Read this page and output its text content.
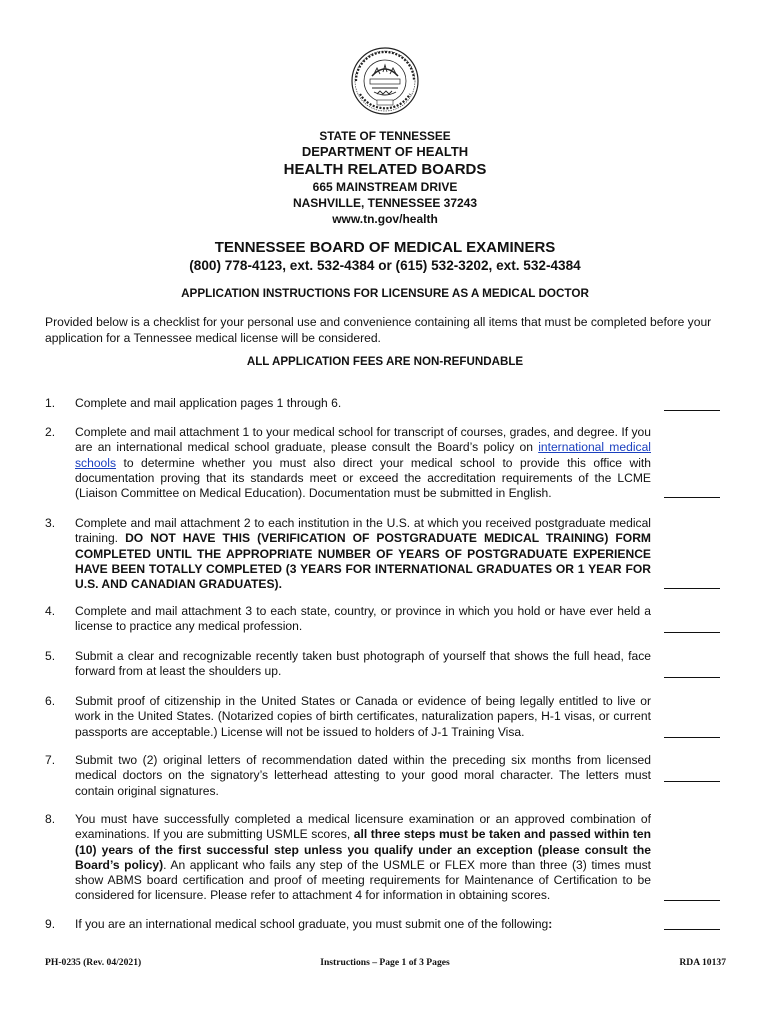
STATE OF TENNESSEE
DEPARTMENT OF HEALTH
HEALTH RELATED BOARDS
665 MAINSTREAM DRIVE
NASHVILLE, TENNESSEE 37243
www.tn.gov/health
TENNESSEE BOARD OF MEDICAL EXAMINERS
(800) 778-4123, ext. 532-4384 or (615) 532-3202, ext. 532-4384
APPLICATION INSTRUCTIONS FOR LICENSURE AS A MEDICAL DOCTOR
Provided below is a checklist for your personal use and convenience containing all items that must be completed before your application for a Tennessee medical license will be considered.
ALL APPLICATION FEES ARE NON-REFUNDABLE
1. Complete and mail application pages 1 through 6.
2. Complete and mail attachment 1 to your medical school for transcript of courses, grades, and degree. If you are an international medical school graduate, please consult the Board’s policy on international medical schools to determine whether you must also direct your medical school to provide this office with documentation proving that its standards meet or exceed the accreditation requirements of the LCME (Liaison Committee on Medical Education). Documentation must be submitted in English.
3. Complete and mail attachment 2 to each institution in the U.S. at which you received postgraduate medical training. DO NOT HAVE THIS (VERIFICATION OF POSTGRADUATE MEDICAL TRAINING) FORM COMPLETED UNTIL THE APPROPRIATE NUMBER OF YEARS OF POSTGRADUATE EXPERIENCE HAVE BEEN TOTALLY COMPLETED (3 YEARS FOR INTERNATIONAL GRADUATES OR 1 YEAR FOR U.S. AND CANADIAN GRADUATES).
4. Complete and mail attachment 3 to each state, country, or province in which you hold or have ever held a license to practice any medical profession.
5. Submit a clear and recognizable recently taken bust photograph of yourself that shows the full head, face forward from at least the shoulders up.
6. Submit proof of citizenship in the United States or Canada or evidence of being legally entitled to live or work in the United States. (Notarized copies of birth certificates, naturalization papers, H-1 visas, or current passports are acceptable.) License will not be issued to holders of J-1 Training Visa.
7. Submit two (2) original letters of recommendation dated within the preceding six months from licensed medical doctors on the signatory’s letterhead attesting to your good moral character. The letters must contain original signatures.
8. You must have successfully completed a medical licensure examination or an approved combination of examinations. If you are submitting USMLE scores, all three steps must be taken and passed within ten (10) years of the first successful step unless you qualify under an exception (please consult the Board’s policy). An applicant who fails any step of the USMLE or FLEX more than three (3) times must show ABMS board certification and proof of meeting requirements for Maintenance of Certification to be considered for licensure. Please refer to attachment 4 for information in obtaining scores.
9. If you are an international medical school graduate, you must submit one of the following:
PH-0235 (Rev. 04/2021)	Instructions – Page 1 of 3 Pages	RDA 10137
